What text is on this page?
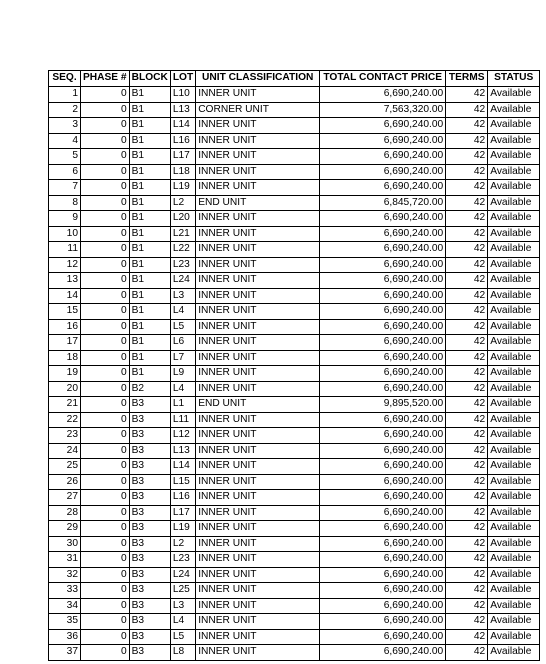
SEQ.	PHASE #	BLOCK	LOT	UNIT CLASSIFICATION	TOTAL CONTACT PRICE	TERMS	STATUS
1	0	B1	L10	INNER UNIT	6,690,240.00	42	Available
2	0	B1	L13	CORNER UNIT	7,563,320.00	42	Available
3	0	B1	L14	INNER UNIT	6,690,240.00	42	Available
4	0	B1	L16	INNER UNIT	6,690,240.00	42	Available
5	0	B1	L17	INNER UNIT	6,690,240.00	42	Available
6	0	B1	L18	INNER UNIT	6,690,240.00	42	Available
7	0	B1	L19	INNER UNIT	6,690,240.00	42	Available
8	0	B1	L2	END UNIT	6,845,720.00	42	Available
9	0	B1	L20	INNER UNIT	6,690,240.00	42	Available
10	0	B1	L21	INNER UNIT	6,690,240.00	42	Available
11	0	B1	L22	INNER UNIT	6,690,240.00	42	Available
12	0	B1	L23	INNER UNIT	6,690,240.00	42	Available
13	0	B1	L24	INNER UNIT	6,690,240.00	42	Available
14	0	B1	L3	INNER UNIT	6,690,240.00	42	Available
15	0	B1	L4	INNER UNIT	6,690,240.00	42	Available
16	0	B1	L5	INNER UNIT	6,690,240.00	42	Available
17	0	B1	L6	INNER UNIT	6,690,240.00	42	Available
18	0	B1	L7	INNER UNIT	6,690,240.00	42	Available
19	0	B1	L9	INNER UNIT	6,690,240.00	42	Available
20	0	B2	L4	INNER UNIT	6,690,240.00	42	Available
21	0	B3	L1	END UNIT	9,895,520.00	42	Available
22	0	B3	L11	INNER UNIT	6,690,240.00	42	Available
23	0	B3	L12	INNER UNIT	6,690,240.00	42	Available
24	0	B3	L13	INNER UNIT	6,690,240.00	42	Available
25	0	B3	L14	INNER UNIT	6,690,240.00	42	Available
26	0	B3	L15	INNER UNIT	6,690,240.00	42	Available
27	0	B3	L16	INNER UNIT	6,690,240.00	42	Available
28	0	B3	L17	INNER UNIT	6,690,240.00	42	Available
29	0	B3	L19	INNER UNIT	6,690,240.00	42	Available
30	0	B3	L2	INNER UNIT	6,690,240.00	42	Available
31	0	B3	L23	INNER UNIT	6,690,240.00	42	Available
32	0	B3	L24	INNER UNIT	6,690,240.00	42	Available
33	0	B3	L25	INNER UNIT	6,690,240.00	42	Available
34	0	B3	L3	INNER UNIT	6,690,240.00	42	Available
35	0	B3	L4	INNER UNIT	6,690,240.00	42	Available
36	0	B3	L5	INNER UNIT	6,690,240.00	42	Available
37	0	B3	L8	INNER UNIT	6,690,240.00	42	Available
